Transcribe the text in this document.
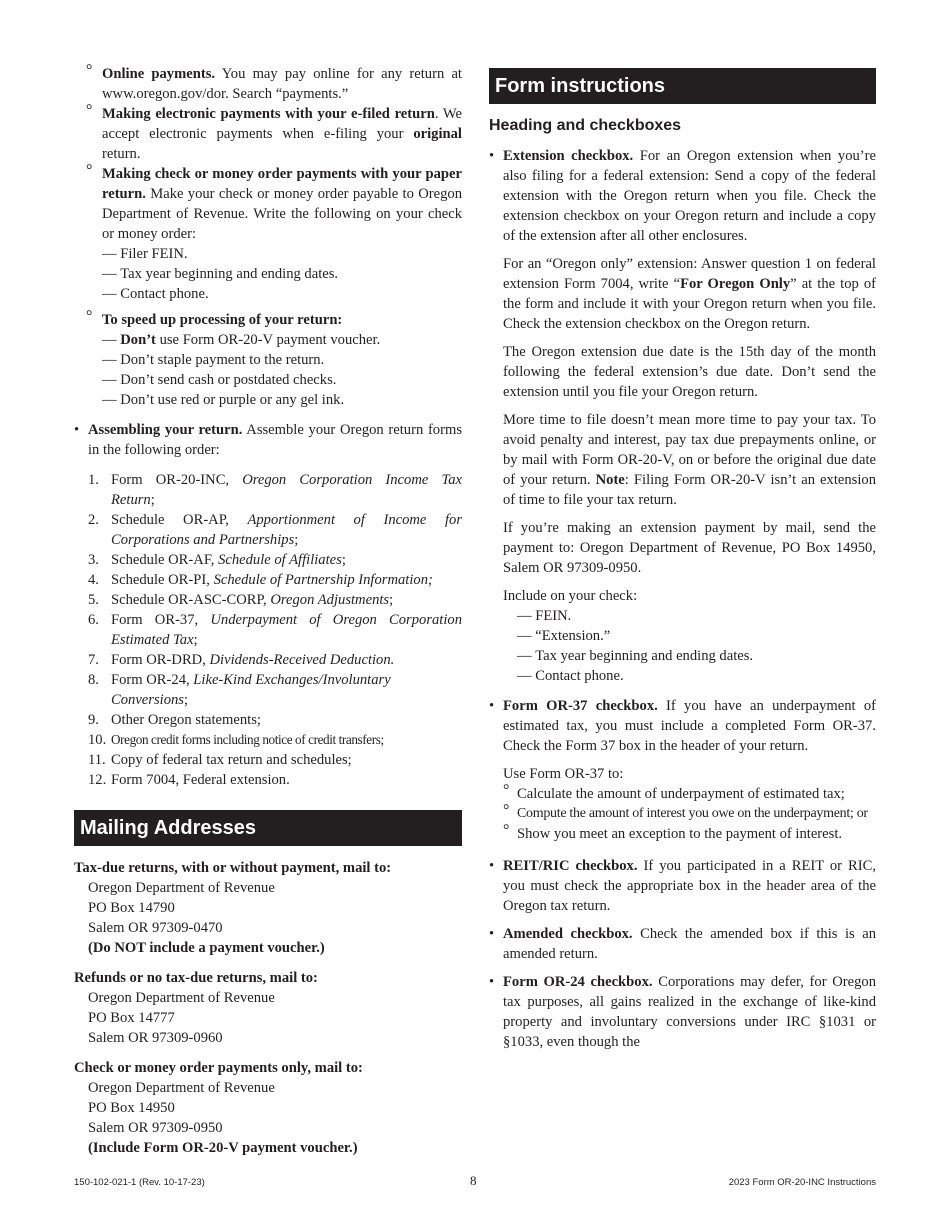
° Online payments. You may pay online for any return at www.oregon.gov/dor. Search “payments.”

° Making electronic payments with your e-filed return. We accept electronic payments when e-filing your original return.

° Making check or money order payments with your paper return. Make your check or money order payable to Oregon Department of Revenue. Write the following on your check or money order:

— Filer FEIN.

— Tax year beginning and ending dates.

— Contact phone.

° To speed up processing of your return:

— Don’t use Form OR-20-V payment voucher.

— Don’t staple payment to the return.

— Don’t send cash or postdated checks.

— Don’t use red or purple or any gel ink.

• Assembling your return. Assemble your Oregon return forms in the following order:

1. Form OR-20-INC, Oregon Corporation Income Tax Return;
2. Schedule OR-AP, Apportionment of Income for Corporations and Partnerships;
3. Schedule OR-AF, Schedule of Affiliates;
4. Schedule OR-PI, Schedule of Partnership Information;
5. Schedule OR-ASC-CORP, Oregon Adjustments;
6. Form OR-37, Underpayment of Oregon Corporation Estimated Tax;
7. Form OR-DRD, Dividends-Received Deduction.
8. Form OR-24, Like-Kind Exchanges/Involuntary Conversions;
9. Other Oregon statements;
10. Oregon credit forms including notice of credit transfers;
11. Copy of federal tax return and schedules;
12. Form 7004, Federal extension.
Mailing Addresses

Tax-due returns, with or without payment, mail to:

Oregon Department of Revenue

PO Box 14790

Salem OR 97309-0470

(Do NOT include a payment voucher.)

Refunds or no tax-due returns, mail to:

Oregon Department of Revenue

PO Box 14777

Salem OR 97309-0960

Check or money order payments only, mail to:

Oregon Department of Revenue

PO Box 14950

Salem OR 97309-0950

(Include Form OR-20-V payment voucher.)

Form instructions
Heading and checkboxes

• Extension checkbox. For an Oregon extension when you’re also filing for a federal extension: Send a copy of the federal extension with the Oregon return when you file. Check the extension checkbox on your Oregon return and include a copy of the extension after all other enclosures.

For an “Oregon only” extension: Answer question 1 on federal extension Form 7004, write “For Oregon Only” at the top of the form and include it with your Oregon return when you file. Check the extension checkbox on the Oregon return.

The Oregon extension due date is the 15th day of the month following the federal extension’s due date. Don’t send the extension until you file your Oregon return.

More time to file doesn’t mean more time to pay your tax. To avoid penalty and interest, pay tax due prepayments online, or by mail with Form OR-20-V, on or before the original due date of your return. Note: Filing Form OR-20-V isn’t an extension of time to file your tax return.

If you’re making an extension payment by mail, send the payment to: Oregon Department of Revenue, PO Box 14950, Salem OR 97309-0950.

Include on your check:

— FEIN.

— “Extension.”

— Tax year beginning and ending dates.

— Contact phone.

• Form OR-37 checkbox. If you have an underpayment of estimated tax, you must include a completed Form OR-37. Check the Form 37 box in the header of your return.

Use Form OR-37 to:

° Calculate the amount of underpayment of estimated tax;

° Compute the amount of interest you owe on the underpayment; or

° Show you meet an exception to the payment of interest.

• REIT/RIC checkbox. If you participated in a REIT or RIC, you must check the appropriate box in the header area of the Oregon tax return.

• Amended checkbox. Check the amended box if this is an amended return.

• Form OR-24 checkbox. Corporations may defer, for Oregon tax purposes, all gains realized in the exchange of like-kind property and involuntary conversions under IRC §1031 or §1033, even though the

150-102-021-1 (Rev. 10-17-23)	8	2023 Form OR-20-INC Instructions
